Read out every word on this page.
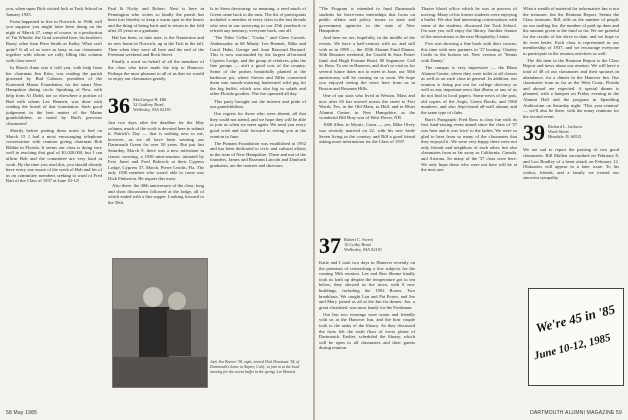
you, when upon Dick visited Jack at Tuck School in January 1935.

From happened to live in Norwich, in 1946, will you suppose you might have been doing on the night of March 27, camp of course, to a production of Tin Whistle, the Grad wrestled here, his brother's Rusty, other than Peter Smith as Kathy. What can't quite? It all of us were as busy as our classmates together with whom we rally filling this column with class news!

In March Anne was it told you, with help from her chairman Jim Kitts, was reading the parish groomed by Bud Cahoon, president of the Kurtensid Manor Foundation, for the smart New Hampshire dining circle. Speaking of New, with help from Al Dodd, not so elsewhere a portion of Bud with whom Lee Bennett, was done with reading the board of that foundation. Such good judgement in the best matter of the Maine grandchildren, as noted by Bud's previous classmates!

Shortly before putting these notes to bed on March 15 I had a most encouraging telephone conversation with reunion giving chairman Bob Ribbin in Florida. It seems our class is doing very well in reaching that goal of $1,020,000, but I can affirm Bob and the committee are very hard at work. By the time you read this, you should already have every one aware of the week of Bob and his of us on committee members seeking to ward of Fred Bart of the Class of 1937 at June 10-12!

36 MacGregor H. Hill
32 Godfrey Road
Wellesley, MA 02181

Just two days after the deadline for the May column, much of the work is devoted here to submit it. Patrick's Day — that is nothing new to me, however, as we all have been wearing our Dartmouth Green for over 50 years. But just last Saturday, March 9, there was a new milestone in classic weaving, a 1936 mini-reunion, initiated by Evie Janet and Fred Babcock at their Cypress Lodge, Cypress 37, March. Pierre Leodis, Fla. The only 1936 member who wasn't able to come was Dick Pinkerton. He regrets this most.

Also there: the 40th anniversary of the class; long and short discussions followed at the lodge, all of which ended with a fine supper. Looking forward to the 50th.

Paul & Nicky and Robert. Next is here in Pennington who writes so kindly the parish has been lost thereby to keep a warm spot in the hearts and the thing of being back and to return to the fold after 25 years as a graduate.

Hal has been, to take note, is the Nameriton and its new home in Norwich, up at the Tick in the fall. Then when they were all here and the end of the Freeman weekend and Rock Street.

Finally a word on behalf of all the members of the class who have made the trip to Hanover. Perhaps the most pleasant to all of us that we would so enjoy our classmates greatly.

Is in Stern devouring: so meaning, a reed much of Green came back to the area. The list of participants included: a member of every class in the last decade who sent in our surveying to our 25th yearbook to refresh any memory; everyone back, one all.

'The Tides' Cellar', "Cedar " and Chew Cassels. Ambassador at 66 Mindy. Lee Bennett, Mike and Carol Hahn, George and Joan Brassard Bernard. This is now surrounded by the largest all-around Cypress Lodge, and the group of relatives, plus the fine groups — ain't a good cost of the country. Some of the probes beautifully planted at the barbecue pit, where Steven and Mike conversed them into mouth-watering barbecued wild pig for the big buffet, which was also big in salads and other Florida goodies. The fire operated all day.

This party brought out the interest and pride of our grandchildren.

Our regrets for those who were absent; all that they could not attend, and we hope they will be able to join us when we meet again. We send you every good wish and look forward to seeing you at the reunion in June.

The Putnam Foundation was established in 1952 and has been dedicated to civic and cultural affairs in the state of New Hampshire. There and not of the founders, James and Roseann Lincoln and Danforth graduates, are the trustees and directors.

Jack Jim Warner '38, right, invited Dick Dominate '38, of Dartmouth's home in Napier, Calif., to join in at the local meeting for the recent buffet in the spring. Lee Bennett.
58 May 1985

"The Program is intended to fund Dartmouth students for leave-term internships that focus on public affairs and policy issues in state and government agencies in the state of New Hampshire.

And here we are, hopefully, in the middle of the events. We have a half-century with us, and still with us in 1989 — the 1936 Alumni Fund Dinner, 50th Reunion weekend, the Gerald & Sara Foster fund, and Hugh Fortune Road, 80 Sagamore. Call in. Ross. To see in Hanover, and don't to visit us for several future dates not to meet in June, our 50th anniversary will be coming on so soon. We hope you enjoyed seeing the news here from us in Boston and Roseann Hills.

One of our stats who lived in Weston, Mass and now after 65 has moved across the street to Fort Worth, Tex, in the Old Main, to Hull, and in Bluet Alumni Center, in New Hampshire, as the wonderful Bill Bray was of West Dover, NH.

1000 Allen, to Mystic, Conn. — yes, Mike Olvey was recently married on 22, with his new bride Seven living in the country, and Bill a good friend asking more information for the Class of 1937.

37 Robert C. Sweet
16 Colby Road
Wellesley, MA 02181

Katie and I took two days in Hanover recently on the premises of researching a few subjects for the coming 50th reunion. Lee and Ron Shome kindly took us both up despite the temperature got to ten below, they showed us the town, with 6 new buildings, including the 1902 Room. Two breakfasts. We caught Lou and Pat Porter, and Joe and Mary joined us all at the Inn for dinner. Joe, a great cherished, was most handy for the Freshman.

Our last two evenings were warm and friendly with us at the Hanover Inn, and the host couple took to the tasks of the library. As they discussed the facts left the sixth floor of every phase of Dartmouth. Earlier, scheduled the library, which will be open to all classmates and their guests during reunion.

Thayer blood office which he was in process of moving. Many of his former students were enjoying a buffet. We also had interesting conversations with some of the students, discussed the Tuck School. I'm sure you will enjoy the library. Another feature of the renovations is the new Hospitality Center.

Five was showing a fine book with their crowns, this time with new partners in '37 hosting. Charley Cottle in the bottom set. New version of 'Tennis with Danny.'

The campus is very impressive — the Blunt Alumni Center, where they were toilet to all classes as well as on each class in general. In addition, our reunion is being put out for college directory as well as any important news that illness or any of us do not find in local papers. Some news of the past, old copies of the Aegis, Green Books, and 1960 numbers, and also Sept-found all-wall alumni and the same type of clubs.

Bart's Paragraph: Fred Ross is class fun with its first fund-raising event aimed since the class of '37 was here and it was 'nice' to the ladies. We were so glad to hear from so many of the classmates that they enjoyed it. We were very happy there were not only friends and neighbors of each other, but also classmates from as far away as California, Canada, and Arizona. So many of the '37 class were here. We only hope those who were not here will be at the next one.

What a wealth of material for informative fun is not the treasurer, but the Reunion Report. Seems the Class treasurer, Bill, tells us the number of people on our mailing list, the number of paid up dues and the amount given to the fund so far. We are grateful for the results of the drive to date, and we hope to do even better. Each class is represented in our membership of 1937, and we encourage everyone to participate in the reunion activities as well.

The 4th item in the Reunion Report is the Class Report and news about our reunion. We will have a total of 48 of our classmates and their spouses in attendance, for a dinner in the Hanover Inn. Our classmates from as far as the West Coast, Florida and abroad are expected. A special dinner is planned, with a banquet on Friday evening in the Alumni Hall and the program in Spaulding Auditorium on Saturday night. 'This year reunion' — we'll also be there, with the many reunions for the second event.

39 Richard L. Jackson
Ward Street
Hinsdale, IL 60521

We are sad to report the passing of two good classmates. Bill Mullen succumbed on February 8, and Lou Bradley of a heart attack on February 12. Obituaries will appear in a later issue. To his widow, friends, and a family we extend our sincerest sympathy.

We're 45 in '85
June 10-12, 1985
DARTMOUTH ALUMNI MAGAZINE 59
